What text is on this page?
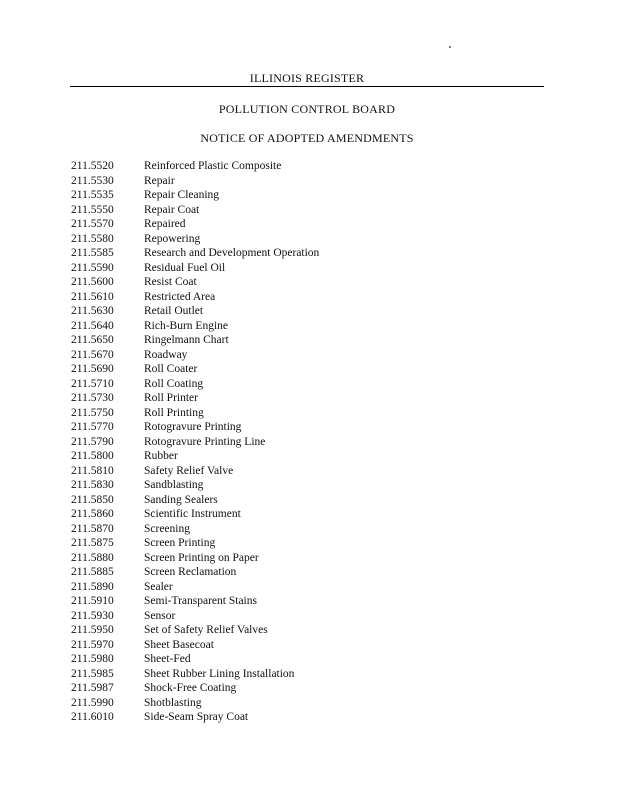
ILLINOIS REGISTER
POLLUTION CONTROL BOARD
NOTICE OF ADOPTED AMENDMENTS
211.5520	Reinforced Plastic Composite
211.5530	Repair
211.5535	Repair Cleaning
211.5550	Repair Coat
211.5570	Repaired
211.5580	Repowering
211.5585	Research and Development Operation
211.5590	Residual Fuel Oil
211.5600	Resist Coat
211.5610	Restricted Area
211.5630	Retail Outlet
211.5640	Rich-Burn Engine
211.5650	Ringelmann Chart
211.5670	Roadway
211.5690	Roll Coater
211.5710	Roll Coating
211.5730	Roll Printer
211.5750	Roll Printing
211.5770	Rotogravure Printing
211.5790	Rotogravure Printing Line
211.5800	Rubber
211.5810	Safety Relief Valve
211.5830	Sandblasting
211.5850	Sanding Sealers
211.5860	Scientific Instrument
211.5870	Screening
211.5875	Screen Printing
211.5880	Screen Printing on Paper
211.5885	Screen Reclamation
211.5890	Sealer
211.5910	Semi-Transparent Stains
211.5930	Sensor
211.5950	Set of Safety Relief Valves
211.5970	Sheet Basecoat
211.5980	Sheet-Fed
211.5985	Sheet Rubber Lining Installation
211.5987	Shock-Free Coating
211.5990	Shotblasting
211.6010	Side-Seam Spray Coat
